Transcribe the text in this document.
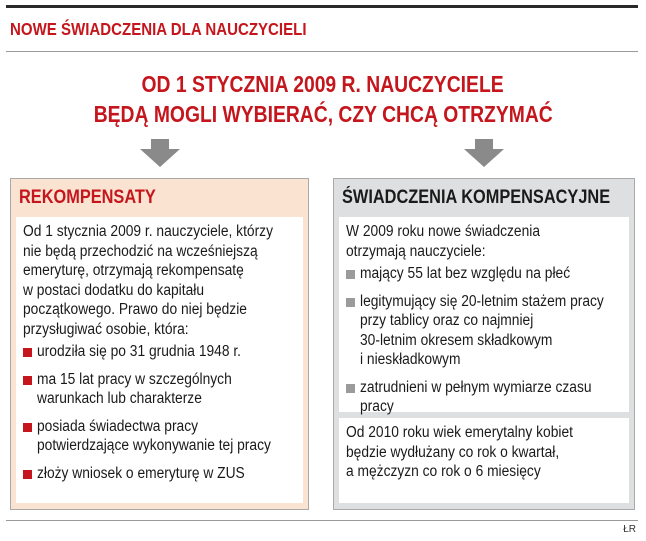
NOWE ŚWIADCZENIA DLA NAUCZYCIELI
OD 1 STYCZNIA 2009 R. NAUCZYCIELE
BĘDĄ MOGLI WYBIERAĆ, CZY CHCĄ OTRZYMAĆ
REKOMPENSATY
Od 1 stycznia 2009 r. nauczyciele, którzy
nie będą przechodzić na wcześniejszą
emeryturę, otrzymają rekompensatę
w postaci dodatku do kapitału
początkowego. Prawo do niej będzie
przysługiwać osobie, która:
urodziła się po 31 grudnia 1948 r.
ma 15 lat pracy w szczególnych
warunkach lub charakterze
posiada świadectwa pracy
potwierdzające wykonywanie tej pracy
złoży wniosek o emeryturę w ZUS
ŚWIADCZENIA KOMPENSACYJNE
W 2009 roku nowe świadczenia
otrzymają nauczyciele:
mający 55 lat bez względu na płeć
legitymujący się 20-letnim stażem pracy
przy tablicy oraz co najmniej
30-letnim okresem składkowym
i nieskładkowym
zatrudnieni w pełnym wymiarze czasu
pracy
Od 2010 roku wiek emerytalny kobiet
będzie wydłużany co rok o kwartał,
a mężczyzn co rok o 6 miesięcy
ŁR
